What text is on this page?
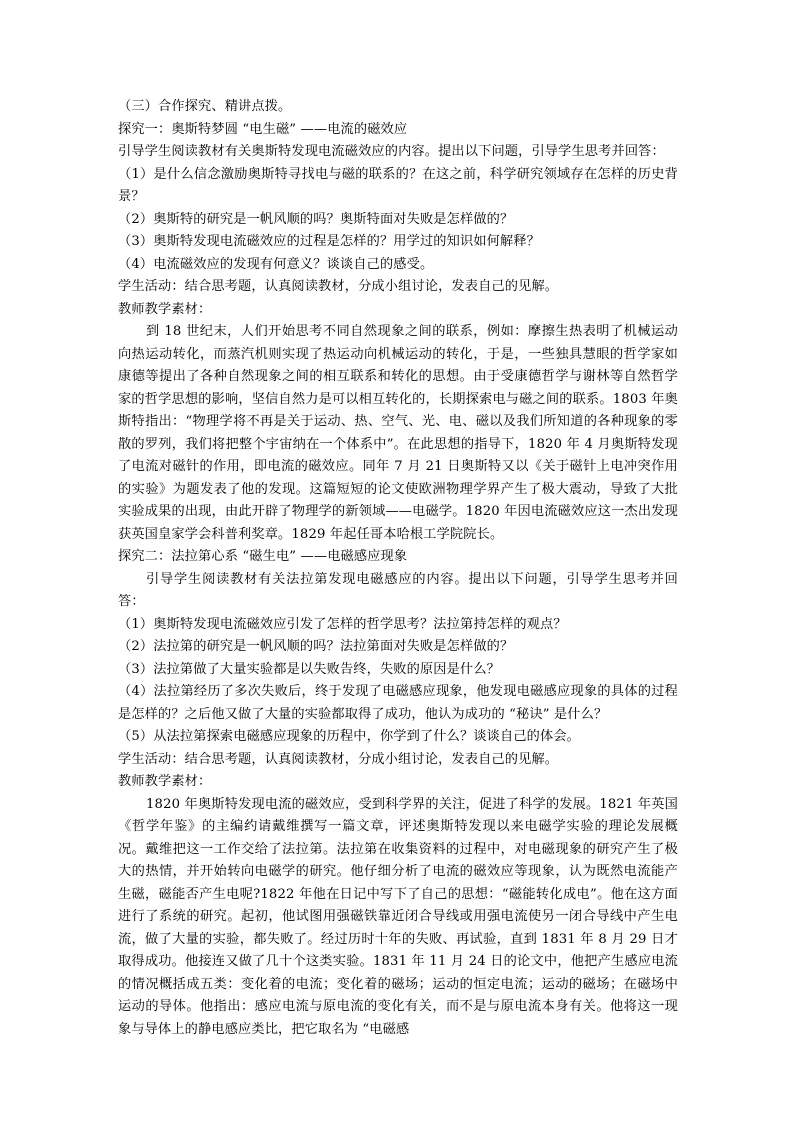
（三）合作探究、精讲点拨。
探究一：奥斯特梦圆 “电生磁” ——电流的磁效应
引导学生阅读教材有关奥斯特发现电流磁效应的内容。提出以下问题，引导学生思考并回答：
（1）是什么信念激励奥斯特寻找电与磁的联系的？在这之前，科学研究领域存在怎样的历史背景？
（2）奥斯特的研究是一帆风顺的吗？奥斯特面对失败是怎样做的？
（3）奥斯特发现电流磁效应的过程是怎样的？用学过的知识如何解释？
（4）电流磁效应的发现有何意义？谈谈自己的感受。
学生活动：结合思考题，认真阅读教材，分成小组讨论，发表自己的见解。
教师教学素材：
到 18 世纪末，人们开始思考不同自然现象之间的联系，例如：摩擦生热表明了机械运动向热运动转化，而蒸汽机则实现了热运动向机械运动的转化，于是，一些独具慧眼的哲学家如康德等提出了各种自然现象之间的相互联系和转化的思想。由于受康德哲学与谢林等自然哲学家的哲学思想的影响，坚信自然力是可以相互转化的，长期探索电与磁之间的联系。1803 年奥斯特指出：“物理学将不再是关于运动、热、空气、光、电、磁以及我们所知道的各种现象的零散的罗列，我们将把整个宇宙纳在一个体系中”。在此思想的指导下，1820 年 4 月奥斯特发现了电流对磁针的作用，即电流的磁效应。同年 7 月 21 日奥斯特又以《关于磁针上电冲突作用的实验》为题发表了他的发现。这篇短短的论文使欧洲物理学界产生了极大震动，导致了大批实验成果的出现，由此开辟了物理学的新领域——电磁学。1820 年因电流磁效应这一杰出发现获英国皇家学会科普利奖章。1829 年起任哥本哈根工学院院长。
探究二：法拉第心系 “磁生电” ——电磁感应现象
引导学生阅读教材有关法拉第发现电磁感应的内容。提出以下问题，引导学生思考并回答：
（1）奥斯特发现电流磁效应引发了怎样的哲学思考？法拉第持怎样的观点？
（2）法拉第的研究是一帆风顺的吗？法拉第面对失败是怎样做的？
（3）法拉第做了大量实验都是以失败告终，失败的原因是什么？
（4）法拉第经历了多次失败后，终于发现了电磁感应现象，他发现电磁感应现象的具体的过程是怎样的？之后他又做了大量的实验都取得了成功，他认为成功的 “秘诀” 是什么？
（5）从法拉第探索电磁感应现象的历程中，你学到了什么？谈谈自己的体会。
学生活动：结合思考题，认真阅读教材，分成小组讨论，发表自己的见解。
教师教学素材：
1820 年奥斯特发现电流的磁效应，受到科学界的关注，促进了科学的发展。1821 年英国《哲学年鉴》的主编约请戴维撰写一篇文章，评述奥斯特发现以来电磁学实验的理论发展概况。戴维把这一工作交给了法拉第。法拉第在收集资料的过程中，对电磁现象的研究产生了极大的热情，并开始转向电磁学的研究。他仔细分析了电流的磁效应等现象，认为既然电流能产生磁，磁能否产生电呢?1822 年他在日记中写下了自己的思想：“磁能转化成电”。他在这方面进行了系统的研究。起初，他试图用强磁铁靠近闭合导线或用强电流使另一闭合导线中产生电流，做了大量的实验，都失败了。经过历时十年的失败、再试验，直到 1831 年 8 月 29 日才取得成功。他接连又做了几十个这类实验。1831 年 11 月 24 日的论文中，他把产生感应电流的情况概括成五类：变化着的电流；变化着的磁场；运动的恒定电流；运动的磁场；在磁场中运动的导体。他指出：感应电流与原电流的变化有关，而不是与原电流本身有关。他将这一现象与导体上的静电感应类比，把它取名为 “电磁感
